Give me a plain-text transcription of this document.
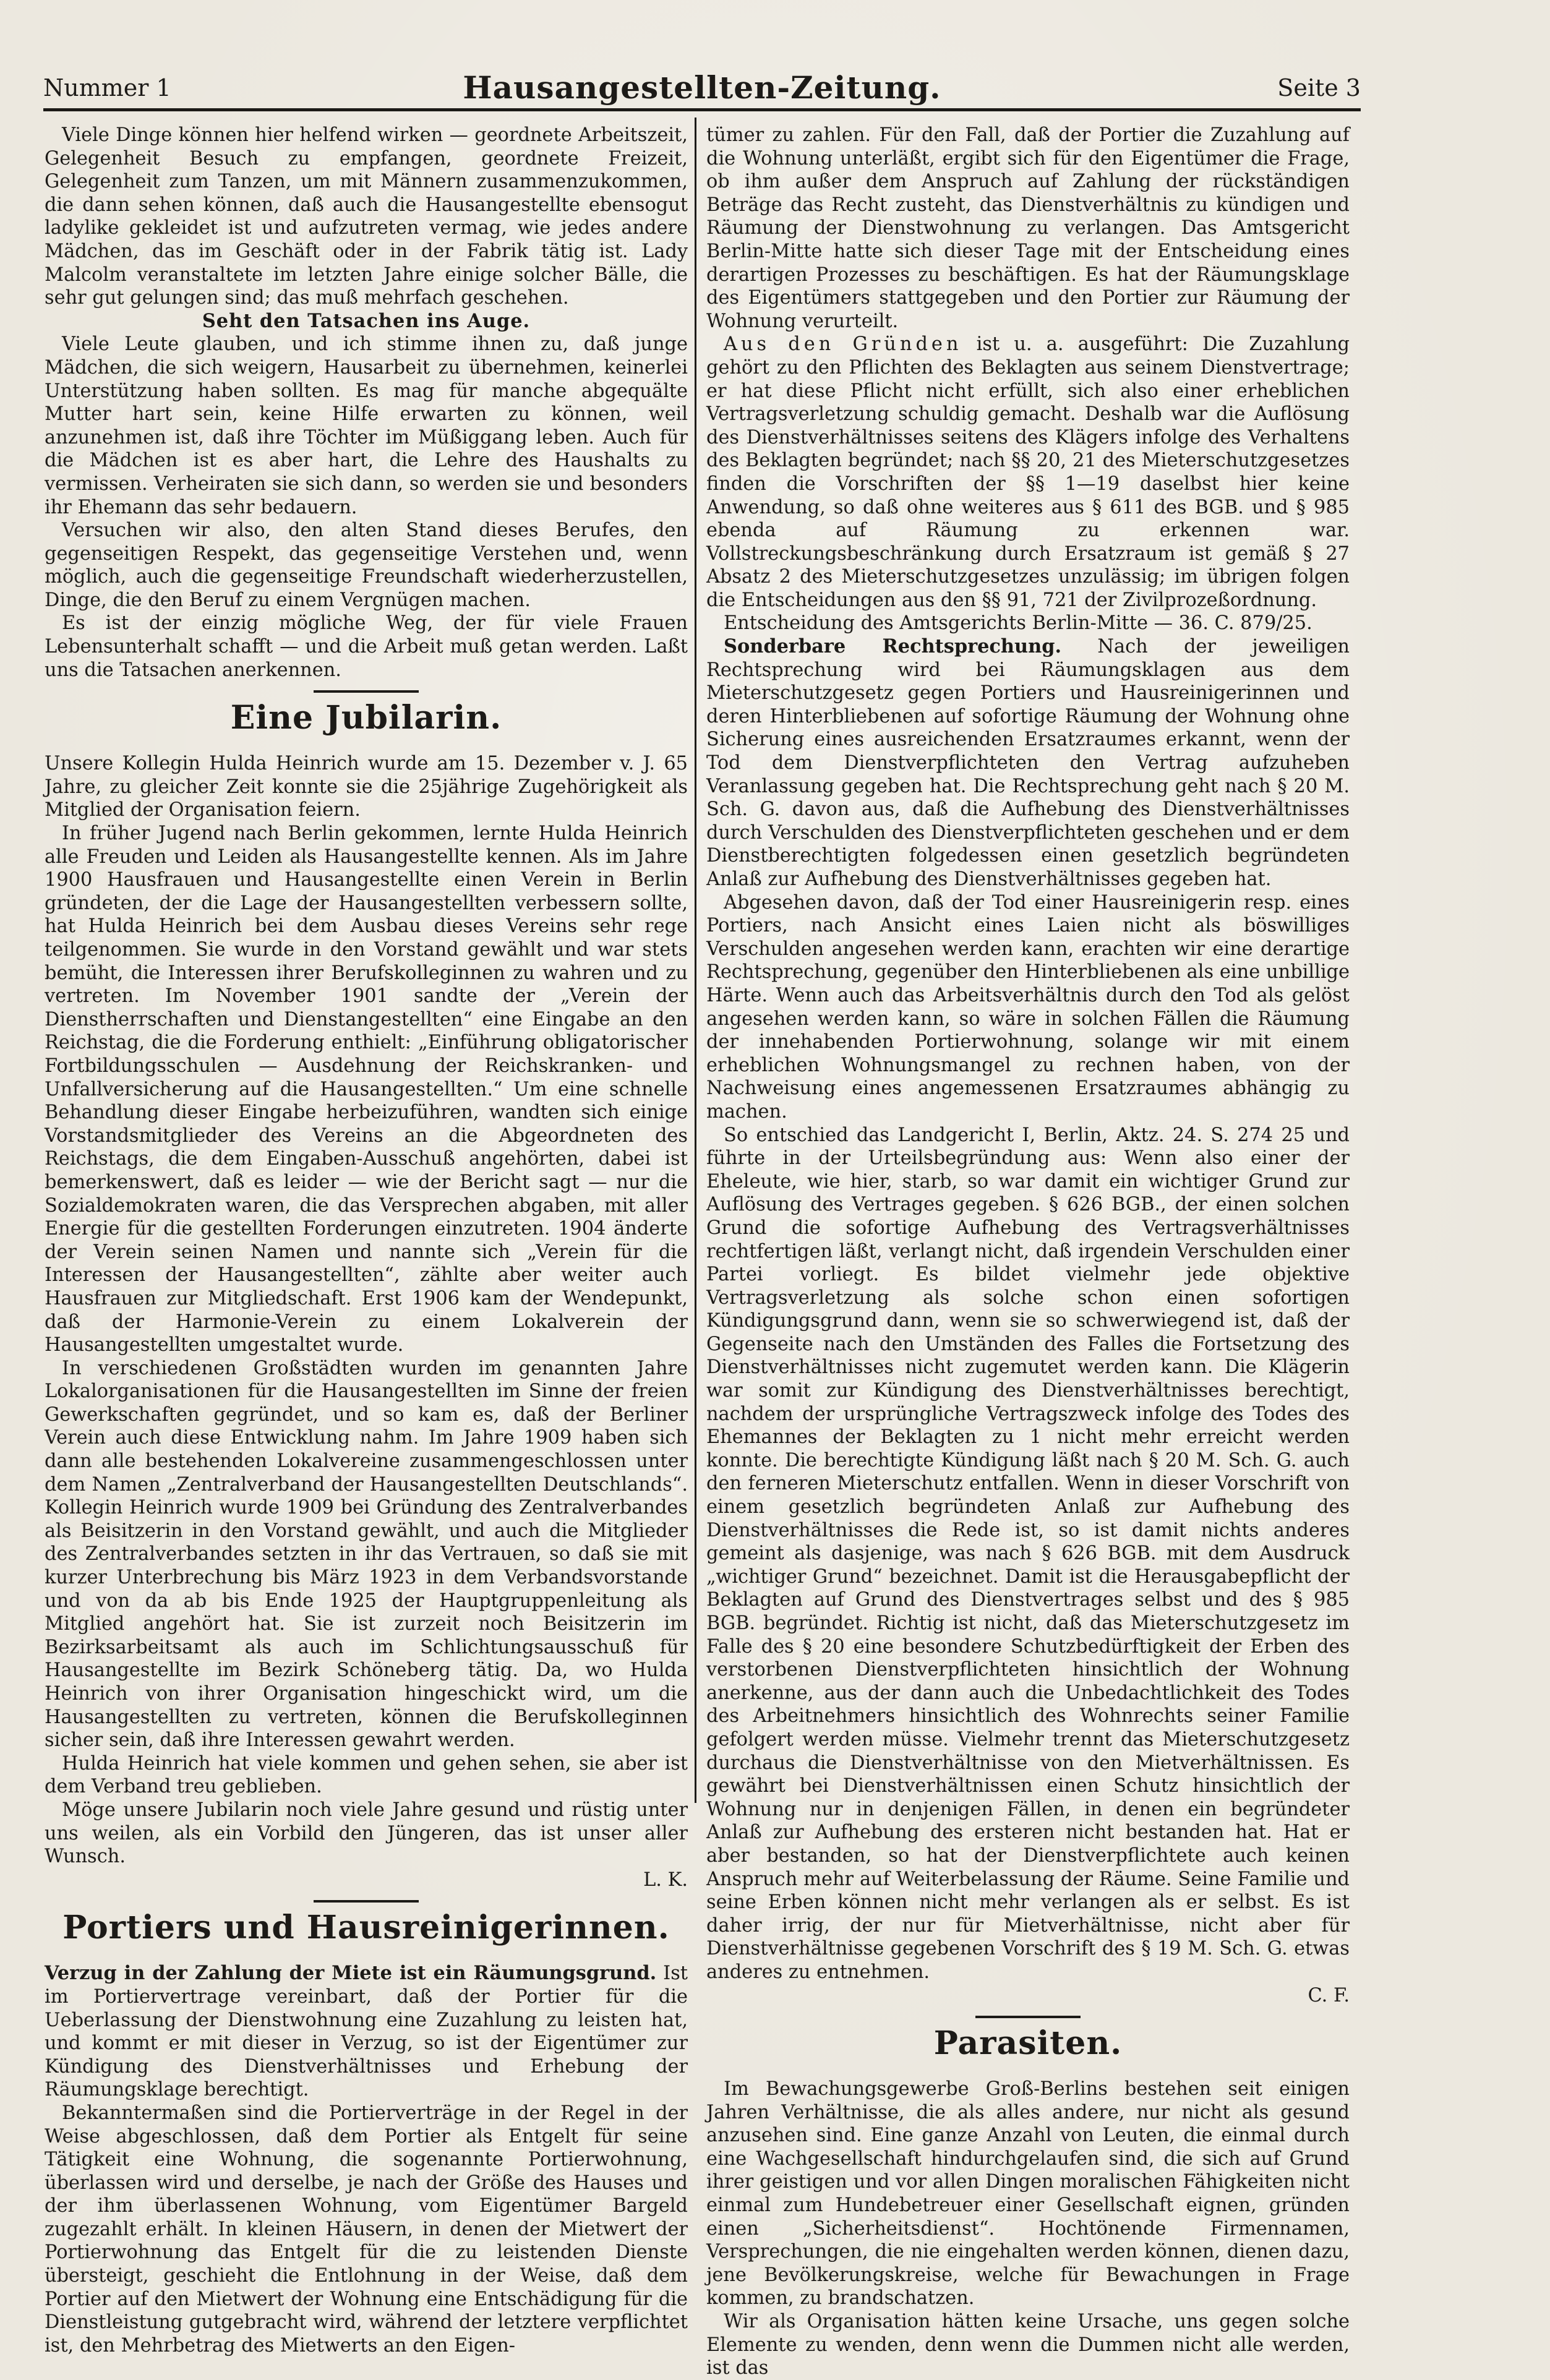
Nummer 1	Hausangestellten-Zeitung.	Seite 3

Viele Dinge können hier helfend wirken — geordnete Arbeitszeit, Gelegenheit Besuch zu empfangen, geordnete Freizeit, Gelegenheit zum Tanzen, um mit Männern zusammenzukommen, die dann sehen können, daß auch die Hausangestellte ebensogut ladylike gekleidet ist und aufzutreten vermag, wie jedes andere Mädchen, das im Geschäft oder in der Fabrik tätig ist. Lady Malcolm veranstaltete im letzten Jahre einige solcher Bälle, die sehr gut gelungen sind; das muß mehrfach geschehen.

Seht den Tatsachen ins Auge.

Viele Leute glauben, und ich stimme ihnen zu, daß junge Mädchen, die sich weigern, Hausarbeit zu übernehmen, keinerlei Unterstützung haben sollten. Es mag für manche abgequälte Mutter hart sein, keine Hilfe erwarten zu können, weil anzunehmen ist, daß ihre Töchter im Müßiggang leben. Auch für die Mädchen ist es aber hart, die Lehre des Haushalts zu vermissen. Verheiraten sie sich dann, so werden sie und besonders ihr Ehemann das sehr bedauern.

Versuchen wir also, den alten Stand dieses Berufes, den gegenseitigen Respekt, das gegenseitige Verstehen und, wenn möglich, auch die gegenseitige Freundschaft wiederherzustellen, Dinge, die den Beruf zu einem Vergnügen machen.

Es ist der einzig mögliche Weg, der für viele Frauen Lebensunterhalt schafft — und die Arbeit muß getan werden. Laßt uns die Tatsachen anerkennen.

Eine Jubilarin.

Unsere Kollegin Hulda Heinrich wurde am 15. Dezember v. J. 65 Jahre, zu gleicher Zeit konnte sie die 25jährige Zugehörigkeit als Mitglied der Organisation feiern.

In früher Jugend nach Berlin gekommen, lernte Hulda Heinrich alle Freuden und Leiden als Hausangestellte kennen. Als im Jahre 1900 Hausfrauen und Hausangestellte einen Verein in Berlin gründeten, der die Lage der Hausangestellten verbessern sollte, hat Hulda Heinrich bei dem Ausbau dieses Vereins sehr rege teilgenommen. Sie wurde in den Vorstand gewählt und war stets bemüht, die Interessen ihrer Berufskolleginnen zu wahren und zu vertreten. Im November 1901 sandte der „Verein der Dienstherrschaften und Dienstangestellten“ eine Eingabe an den Reichstag, die die Forderung enthielt: „Einführung obligatorischer Fortbildungsschulen — Ausdehnung der Reichskranken- und Unfallversicherung auf die Hausangestellten.“ Um eine schnelle Behandlung dieser Eingabe herbeizuführen, wandten sich einige Vorstandsmitglieder des Vereins an die Abgeordneten des Reichstags, die dem Eingaben-Ausschuß angehörten, dabei ist bemerkenswert, daß es leider — wie der Bericht sagt — nur die Sozialdemokraten waren, die das Versprechen abgaben, mit aller Energie für die gestellten Forderungen einzutreten. 1904 änderte der Verein seinen Namen und nannte sich „Verein für die Interessen der Hausangestellten“, zählte aber weiter auch Hausfrauen zur Mitgliedschaft. Erst 1906 kam der Wendepunkt, daß der Harmonie-Verein zu einem Lokalverein der Hausangestellten umgestaltet wurde.

In verschiedenen Großstädten wurden im genannten Jahre Lokalorganisationen für die Hausangestellten im Sinne der freien Gewerkschaften gegründet, und so kam es, daß der Berliner Verein auch diese Entwicklung nahm. Im Jahre 1909 haben sich dann alle bestehenden Lokalvereine zusammengeschlossen unter dem Namen „Zentralverband der Hausangestellten Deutschlands“. Kollegin Heinrich wurde 1909 bei Gründung des Zentralverbandes als Beisitzerin in den Vorstand gewählt, und auch die Mitglieder des Zentralverbandes setzten in ihr das Vertrauen, so daß sie mit kurzer Unterbrechung bis März 1923 in dem Verbandsvorstande und von da ab bis Ende 1925 der Hauptgruppenleitung als Mitglied angehört hat. Sie ist zurzeit noch Beisitzerin im Bezirksarbeitsamt als auch im Schlichtungsausschuß für Hausangestellte im Bezirk Schöneberg tätig. Da, wo Hulda Heinrich von ihrer Organisation hingeschickt wird, um die Hausangestellten zu vertreten, können die Berufskolleginnen sicher sein, daß ihre Interessen gewahrt werden.

Hulda Heinrich hat viele kommen und gehen sehen, sie aber ist dem Verband treu geblieben.

Möge unsere Jubilarin noch viele Jahre gesund und rüstig unter uns weilen, als ein Vorbild den Jüngeren, das ist unser aller Wunsch.

L. K.

Portiers und Hausreinigerinnen.

Verzug in der Zahlung der Miete ist ein Räumungsgrund. Ist im Portiervertrage vereinbart, daß der Portier für die Ueberlassung der Dienstwohnung eine Zuzahlung zu leisten hat, und kommt er mit dieser in Verzug, so ist der Eigentümer zur Kündigung des Dienstverhältnisses und Erhebung der Räumungsklage berechtigt.

Bekanntermaßen sind die Portierverträge in der Regel in der Weise abgeschlossen, daß dem Portier als Entgelt für seine Tätigkeit eine Wohnung, die sogenannte Portierwohnung, überlassen wird und derselbe, je nach der Größe des Hauses und der ihm überlassenen Wohnung, vom Eigentümer Bargeld zugezahlt erhält. In kleinen Häusern, in denen der Mietwert der Portierwohnung das Entgelt für die zu leistenden Dienste übersteigt, geschieht die Entlohnung in der Weise, daß dem Portier auf den Mietwert der Wohnung eine Entschädigung für die Dienstleistung gutgebracht wird, während der letztere verpflichtet ist, den Mehrbetrag des Mietwerts an den Eigen-

tümer zu zahlen. Für den Fall, daß der Portier die Zuzahlung auf die Wohnung unterläßt, ergibt sich für den Eigentümer die Frage, ob ihm außer dem Anspruch auf Zahlung der rückständigen Beträge das Recht zusteht, das Dienstverhältnis zu kündigen und Räumung der Dienstwohnung zu verlangen. Das Amtsgericht Berlin-Mitte hatte sich dieser Tage mit der Entscheidung eines derartigen Prozesses zu beschäftigen. Es hat der Räumungsklage des Eigentümers stattgegeben und den Portier zur Räumung der Wohnung verurteilt.

Aus den Gründen ist u. a. ausgeführt: Die Zuzahlung gehört zu den Pflichten des Beklagten aus seinem Dienstvertrage; er hat diese Pflicht nicht erfüllt, sich also einer erheblichen Vertragsverletzung schuldig gemacht. Deshalb war die Auflösung des Dienstverhältnisses seitens des Klägers infolge des Verhaltens des Beklagten begründet; nach §§ 20, 21 des Mieterschutzgesetzes finden die Vorschriften der §§ 1—19 daselbst hier keine Anwendung, so daß ohne weiteres aus § 611 des BGB. und § 985 ebenda auf Räumung zu erkennen war. Vollstreckungsbeschränkung durch Ersatzraum ist gemäß § 27 Absatz 2 des Mieterschutzgesetzes unzulässig; im übrigen folgen die Entscheidungen aus den §§ 91, 721 der Zivilprozeßordnung.

Entscheidung des Amtsgerichts Berlin-Mitte — 36. C. 879/25.

Sonderbare Rechtsprechung. Nach der jeweiligen Rechtsprechung wird bei Räumungsklagen aus dem Mieterschutzgesetz gegen Portiers und Hausreinigerinnen und deren Hinterbliebenen auf sofortige Räumung der Wohnung ohne Sicherung eines ausreichenden Ersatzraumes erkannt, wenn der Tod dem Dienstverpflichteten den Vertrag aufzuheben Veranlassung gegeben hat. Die Rechtsprechung geht nach § 20 M. Sch. G. davon aus, daß die Aufhebung des Dienstverhältnisses durch Verschulden des Dienstverpflichteten geschehen und er dem Dienstberechtigten folgedessen einen gesetzlich begründeten Anlaß zur Aufhebung des Dienstverhältnisses gegeben hat.

Abgesehen davon, daß der Tod einer Hausreinigerin resp. eines Portiers, nach Ansicht eines Laien nicht als böswilliges Verschulden angesehen werden kann, erachten wir eine derartige Rechtsprechung, gegenüber den Hinterbliebenen als eine unbillige Härte. Wenn auch das Arbeitsverhältnis durch den Tod als gelöst angesehen werden kann, so wäre in solchen Fällen die Räumung der innehabenden Portierwohnung, solange wir mit einem erheblichen Wohnungsmangel zu rechnen haben, von der Nachweisung eines angemessenen Ersatzraumes abhängig zu machen.

So entschied das Landgericht I, Berlin, Aktz. 24. S. 274 25 und führte in der Urteilsbegründung aus: Wenn also einer der Eheleute, wie hier, starb, so war damit ein wichtiger Grund zur Auflösung des Vertrages gegeben. § 626 BGB., der einen solchen Grund die sofortige Aufhebung des Vertragsverhältnisses rechtfertigen läßt, verlangt nicht, daß irgendein Verschulden einer Partei vorliegt. Es bildet vielmehr jede objektive Vertragsverletzung als solche schon einen sofortigen Kündigungsgrund dann, wenn sie so schwerwiegend ist, daß der Gegenseite nach den Umständen des Falles die Fortsetzung des Dienstverhältnisses nicht zugemutet werden kann. Die Klägerin war somit zur Kündigung des Dienstverhältnisses berechtigt, nachdem der ursprüngliche Vertragszweck infolge des Todes des Ehemannes der Beklagten zu 1 nicht mehr erreicht werden konnte. Die berechtigte Kündigung läßt nach § 20 M. Sch. G. auch den ferneren Mieterschutz entfallen. Wenn in dieser Vorschrift von einem gesetzlich begründeten Anlaß zur Aufhebung des Dienstverhältnisses die Rede ist, so ist damit nichts anderes gemeint als dasjenige, was nach § 626 BGB. mit dem Ausdruck „wichtiger Grund“ bezeichnet. Damit ist die Herausgabepflicht der Beklagten auf Grund des Dienstvertrages selbst und des § 985 BGB. begründet. Richtig ist nicht, daß das Mieterschutzgesetz im Falle des § 20 eine besondere Schutzbedürftigkeit der Erben des verstorbenen Dienstverpflichteten hinsichtlich der Wohnung anerkenne, aus der dann auch die Unbedachtlichkeit des Todes des Arbeitnehmers hinsichtlich des Wohnrechts seiner Familie gefolgert werden müsse. Vielmehr trennt das Mieterschutzgesetz durchaus die Dienstverhältnisse von den Mietverhältnissen. Es gewährt bei Dienstverhältnissen einen Schutz hinsichtlich der Wohnung nur in denjenigen Fällen, in denen ein begründeter Anlaß zur Aufhebung des ersteren nicht bestanden hat. Hat er aber bestanden, so hat der Dienstverpflichtete auch keinen Anspruch mehr auf Weiterbelassung der Räume. Seine Familie und seine Erben können nicht mehr verlangen als er selbst. Es ist daher irrig, der nur für Mietverhältnisse, nicht aber für Dienstverhältnisse gegebenen Vorschrift des § 19 M. Sch. G. etwas anderes zu entnehmen.

C. F.

Parasiten.

Im Bewachungsgewerbe Groß-Berlins bestehen seit einigen Jahren Verhältnisse, die als alles andere, nur nicht als gesund anzusehen sind. Eine ganze Anzahl von Leuten, die einmal durch eine Wachgesellschaft hindurchgelaufen sind, die sich auf Grund ihrer geistigen und vor allen Dingen moralischen Fähigkeiten nicht einmal zum Hundebetreuer einer Gesellschaft eignen, gründen einen „Sicherheitsdienst“. Hochtönende Firmennamen, Versprechungen, die nie eingehalten werden können, dienen dazu, jene Bevölkerungskreise, welche für Bewachungen in Frage kommen, zu brandschatzen.

Wir als Organisation hätten keine Ursache, uns gegen solche Elemente zu wenden, denn wenn die Dummen nicht alle werden, ist das
